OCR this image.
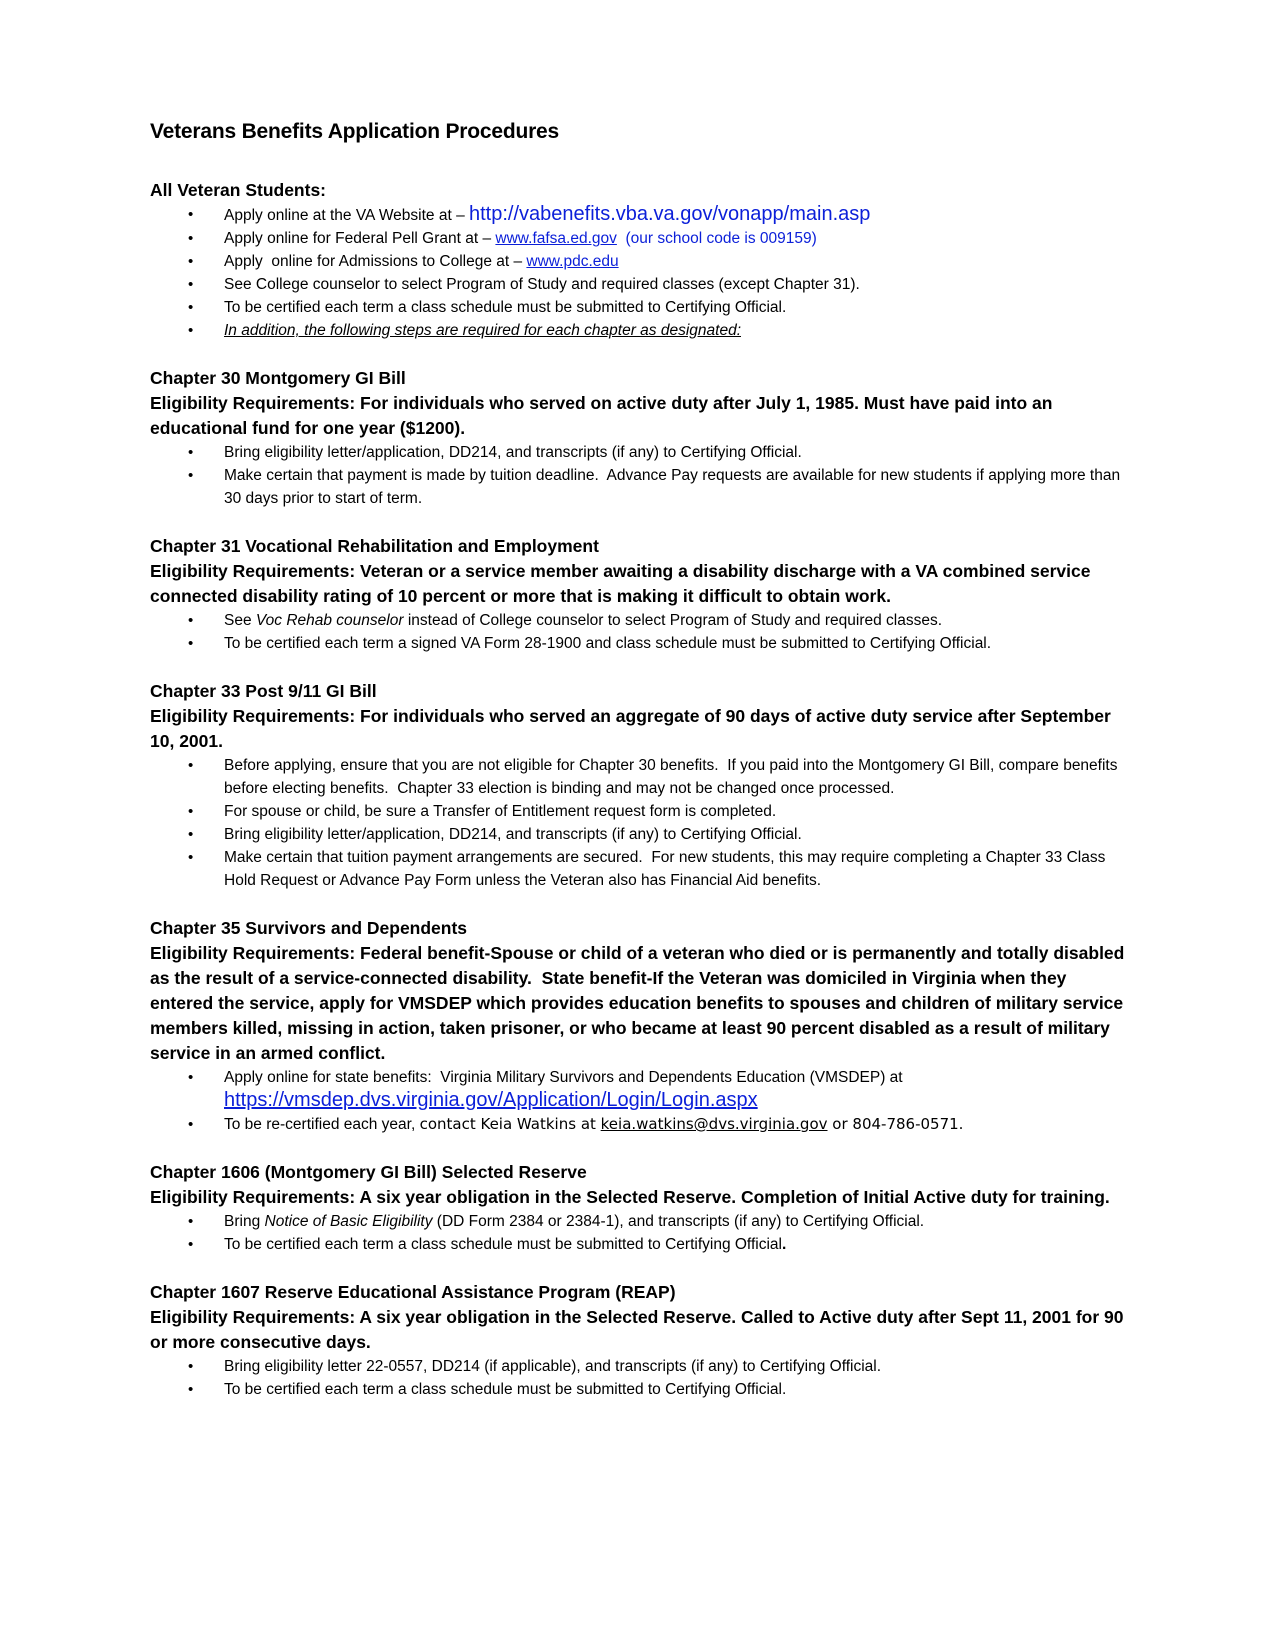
Veterans Benefits Application Procedures

All Veteran Students:

• Apply online at the VA Website at – http://vabenefits.vba.va.gov/vonapp/main.asp
• Apply online for Federal Pell Grant at – www.fafsa.ed.gov  (our school code is 009159)
• Apply  online for Admissions to College at – www.pdc.edu
• See College counselor to select Program of Study and required classes (except Chapter 31).
• To be certified each term a class schedule must be submitted to Certifying Official.
• In addition, the following steps are required for each chapter as designated:

Chapter 30 Montgomery GI Bill

Eligibility Requirements: For individuals who served on active duty after July 1, 1985. Must have paid into an educational fund for one year ($1200).

• Bring eligibility letter/application, DD214, and transcripts (if any) to Certifying Official.
• Make certain that payment is made by tuition deadline.  Advance Pay requests are available for new students if applying more than 30 days prior to start of term.

Chapter 31 Vocational Rehabilitation and Employment

Eligibility Requirements: Veteran or a service member awaiting a disability discharge with a VA combined service connected disability rating of 10 percent or more that is making it difficult to obtain work.

• See Voc Rehab counselor instead of College counselor to select Program of Study and required classes.
• To be certified each term a signed VA Form 28-1900 and class schedule must be submitted to Certifying Official.

Chapter 33 Post 9/11 GI Bill

Eligibility Requirements: For individuals who served an aggregate of 90 days of active duty service after September 10, 2001.

• Before applying, ensure that you are not eligible for Chapter 30 benefits.  If you paid into the Montgomery GI Bill, compare benefits before electing benefits.  Chapter 33 election is binding and may not be changed once processed.
• For spouse or child, be sure a Transfer of Entitlement request form is completed.
• Bring eligibility letter/application, DD214, and transcripts (if any) to Certifying Official.
• Make certain that tuition payment arrangements are secured.  For new students, this may require completing a Chapter 33 Class Hold Request or Advance Pay Form unless the Veteran also has Financial Aid benefits.

Chapter 35 Survivors and Dependents

Eligibility Requirements: Federal benefit-Spouse or child of a veteran who died or is permanently and totally disabled as the result of a service-connected disability.  State benefit-If the Veteran was domiciled in Virginia when they entered the service, apply for VMSDEP which provides education benefits to spouses and children of military service members killed, missing in action, taken prisoner, or who became at least 90 percent disabled as a result of military service in an armed conflict.

• Apply online for state benefits:  Virginia Military Survivors and Dependents Education (VMSDEP) at
https://vmsdep.dvs.virginia.gov/Application/Login/Login.aspx
• To be re-certified each year, contact Keia Watkins at keia.watkins@dvs.virginia.gov or 804-786-0571.

Chapter 1606 (Montgomery GI Bill) Selected Reserve

Eligibility Requirements: A six year obligation in the Selected Reserve. Completion of Initial Active duty for training.

• Bring Notice of Basic Eligibility (DD Form 2384 or 2384-1), and transcripts (if any) to Certifying Official.
• To be certified each term a class schedule must be submitted to Certifying Official.

Chapter 1607 Reserve Educational Assistance Program (REAP)

Eligibility Requirements: A six year obligation in the Selected Reserve. Called to Active duty after Sept 11, 2001 for 90 or more consecutive days.

• Bring eligibility letter 22-0557, DD214 (if applicable), and transcripts (if any) to Certifying Official.
• To be certified each term a class schedule must be submitted to Certifying Official.
